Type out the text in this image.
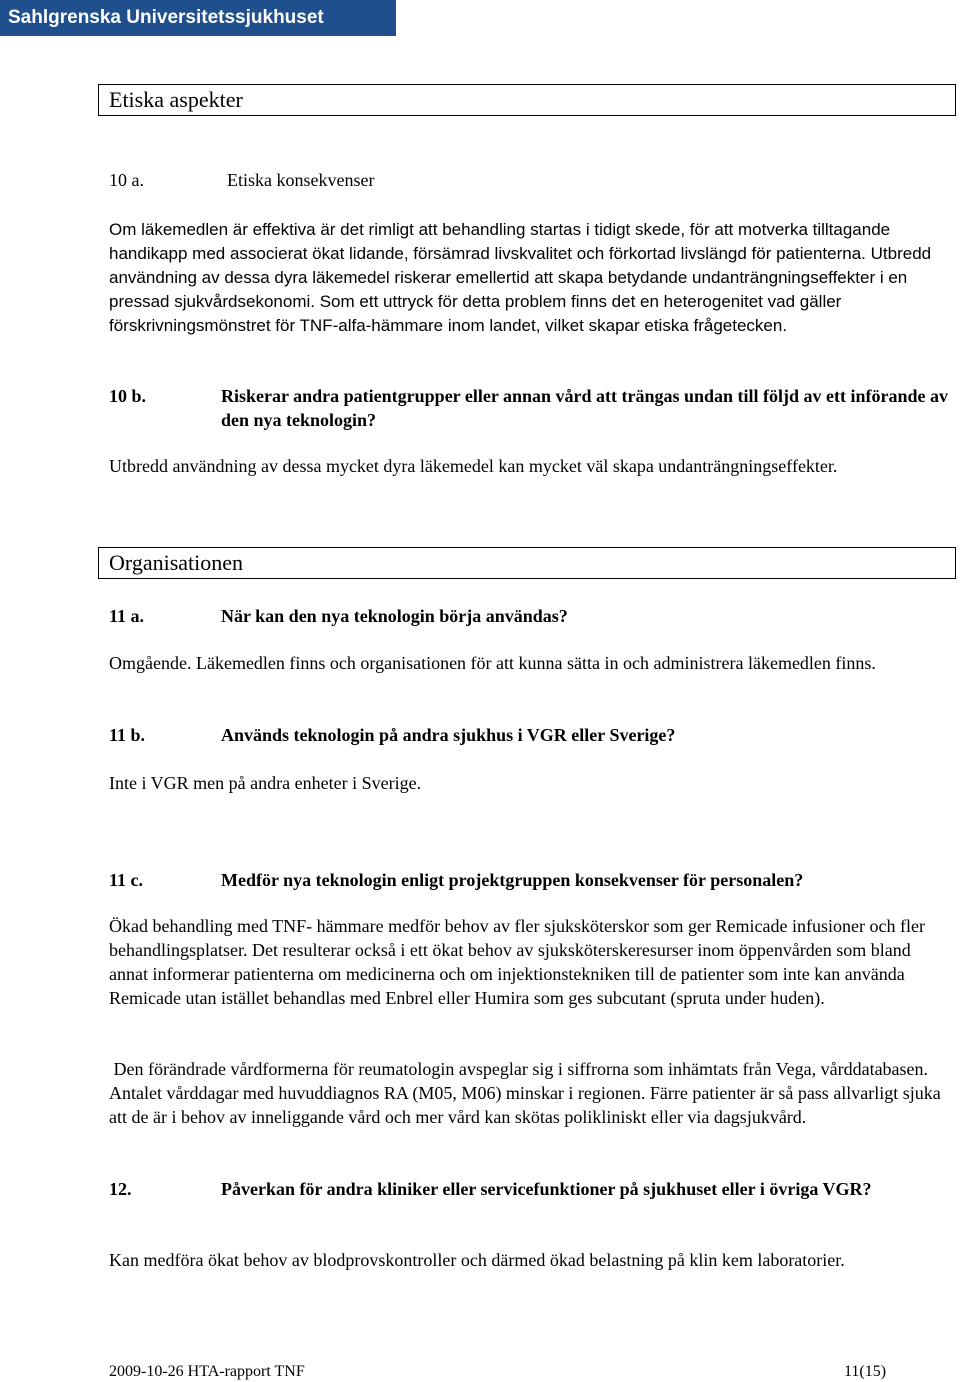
Sahlgrenska Universitetssjukhuset
Etiska aspekter
10 a.	Etiska konsekvenser

Om läkemedlen är effektiva är det rimligt att behandling startas i tidigt skede, för att motverka tilltagande handikapp med associerat ökat lidande, försämrad livskvalitet och förkortad livslängd för patienterna. Utbredd användning av dessa dyra läkemedel riskerar emellertid att skapa betydande undanträngningseffekter i en pressad sjukvårdsekonomi. Som ett uttryck för detta problem finns det en heterogenitet vad gäller förskrivningsmönstret för TNF-alfa-hämmare inom landet, vilket skapar etiska frågetecken.

10 b.	Riskerar andra patientgrupper eller annan vård att trängas undan till följd av ett införande av den nya teknologin?

Utbredd användning av dessa mycket dyra läkemedel kan mycket väl skapa undanträngningseffekter.

Organisationen
11 a.	När kan den nya teknologin börja användas?

Omgående. Läkemedlen finns och organisationen för att kunna sätta in och administrera läkemedlen finns.

11 b.	Används teknologin på andra sjukhus i VGR eller Sverige?

Inte i VGR men på andra enheter i Sverige.

11 c.	Medför nya teknologin enligt projektgruppen konsekvenser för personalen?

Ökad behandling med TNF- hämmare medför behov av fler sjuksköterskor som ger Remicade infusioner och fler behandlingsplatser. Det resulterar också i ett ökat behov av sjuksköterskeresurser inom öppenvården som bland annat informerar patienterna om medicinerna och om injektionstekniken till de patienter som inte kan använda Remicade utan istället behandlas med Enbrel eller Humira som ges subcutant (spruta under huden).

Den förändrade vårdformerna för reumatologin avspeglar sig i siffrorna som inhämtats från Vega, vårddatabasen. Antalet vårddagar med huvuddiagnos RA (M05, M06) minskar i regionen. Färre patienter är så pass allvarligt sjuka att de är i behov av inneliggande vård och mer vård kan skötas polikliniskt eller via dagsjukvård.

12.	Påverkan för andra kliniker eller servicefunktioner på sjukhuset eller i övriga VGR?

Kan medföra ökat behov av blodprovskontroller och därmed ökad belastning på klin kem laboratorier.

2009-10-26 HTA-rapport TNF	11(15)
